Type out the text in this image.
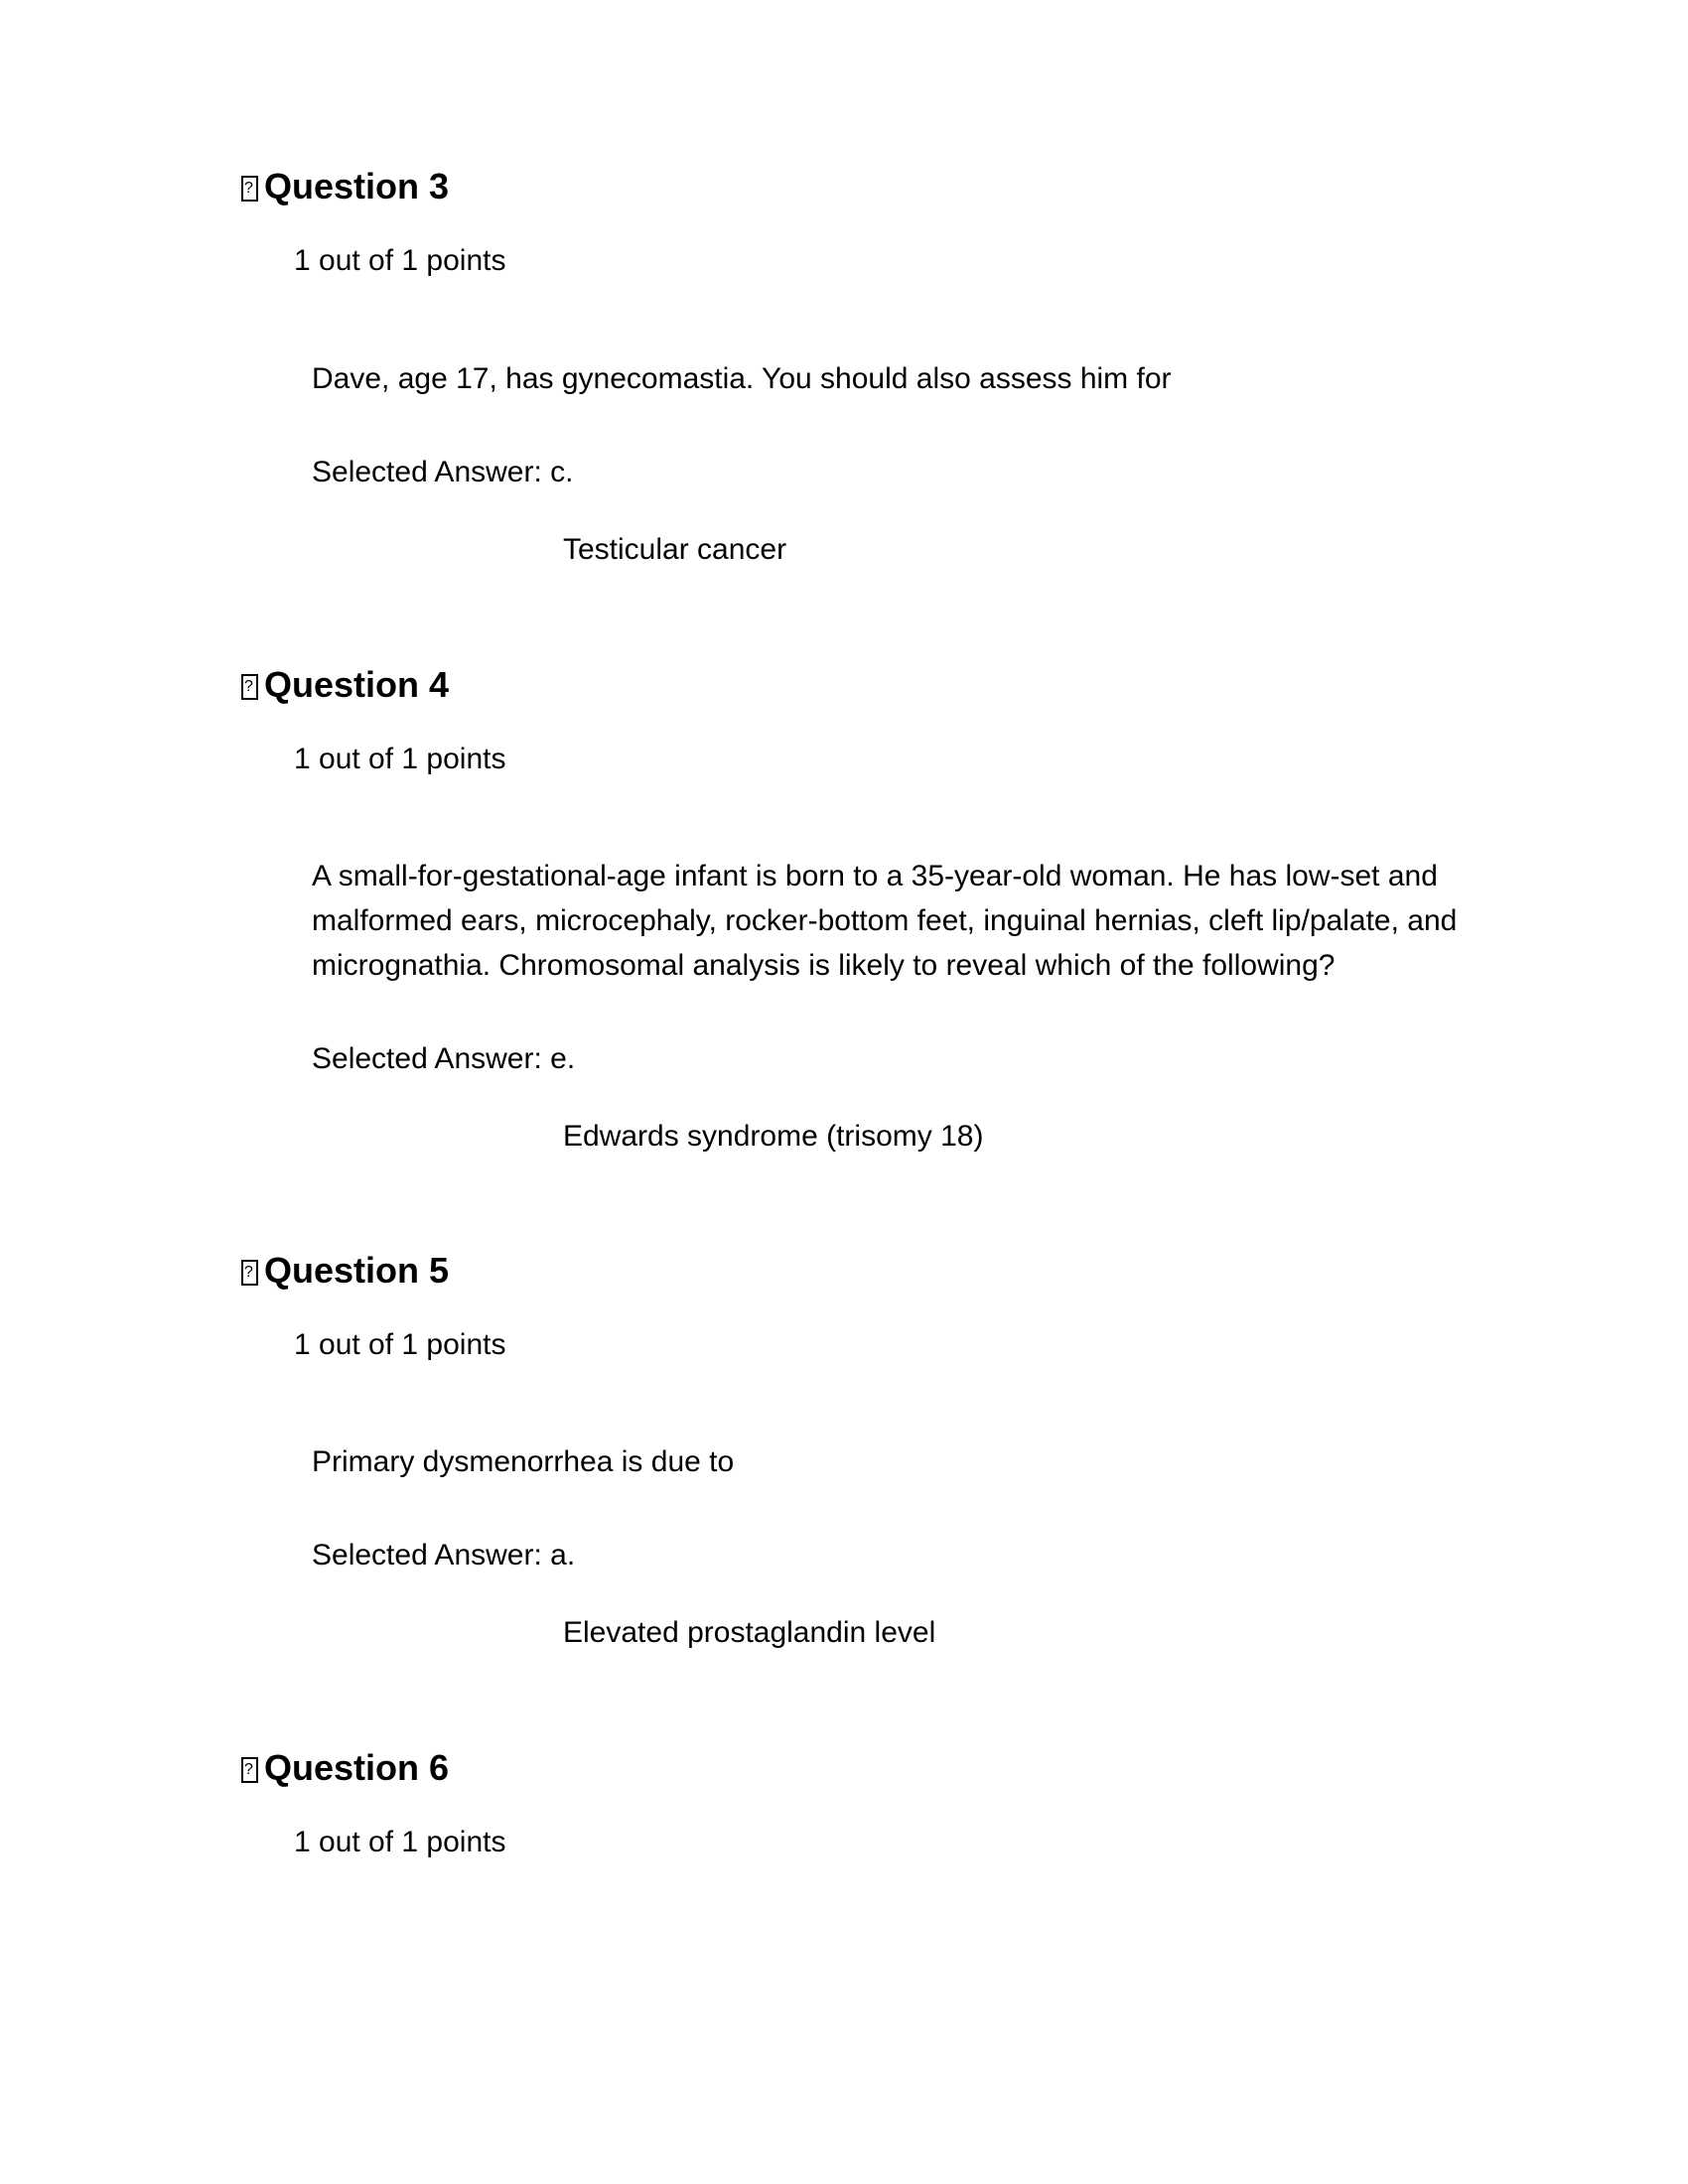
?Question 3
1 out of 1 points
Dave, age 17, has gynecomastia. You should also assess him for
Selected Answer: c.
Testicular cancer
?Question 4
1 out of 1 points
A small-for-gestational-age infant is born to a 35-year-old woman. He has low-set and malformed ears, microcephaly, rocker-bottom feet, inguinal hernias, cleft lip/palate, and micrognathia. Chromosomal analysis is likely to reveal which of the following?
Selected Answer: e.
Edwards syndrome (trisomy 18)
?Question 5
1 out of 1 points
Primary dysmenorrhea is due to
Selected Answer: a.
Elevated prostaglandin level
?Question 6
1 out of 1 points
